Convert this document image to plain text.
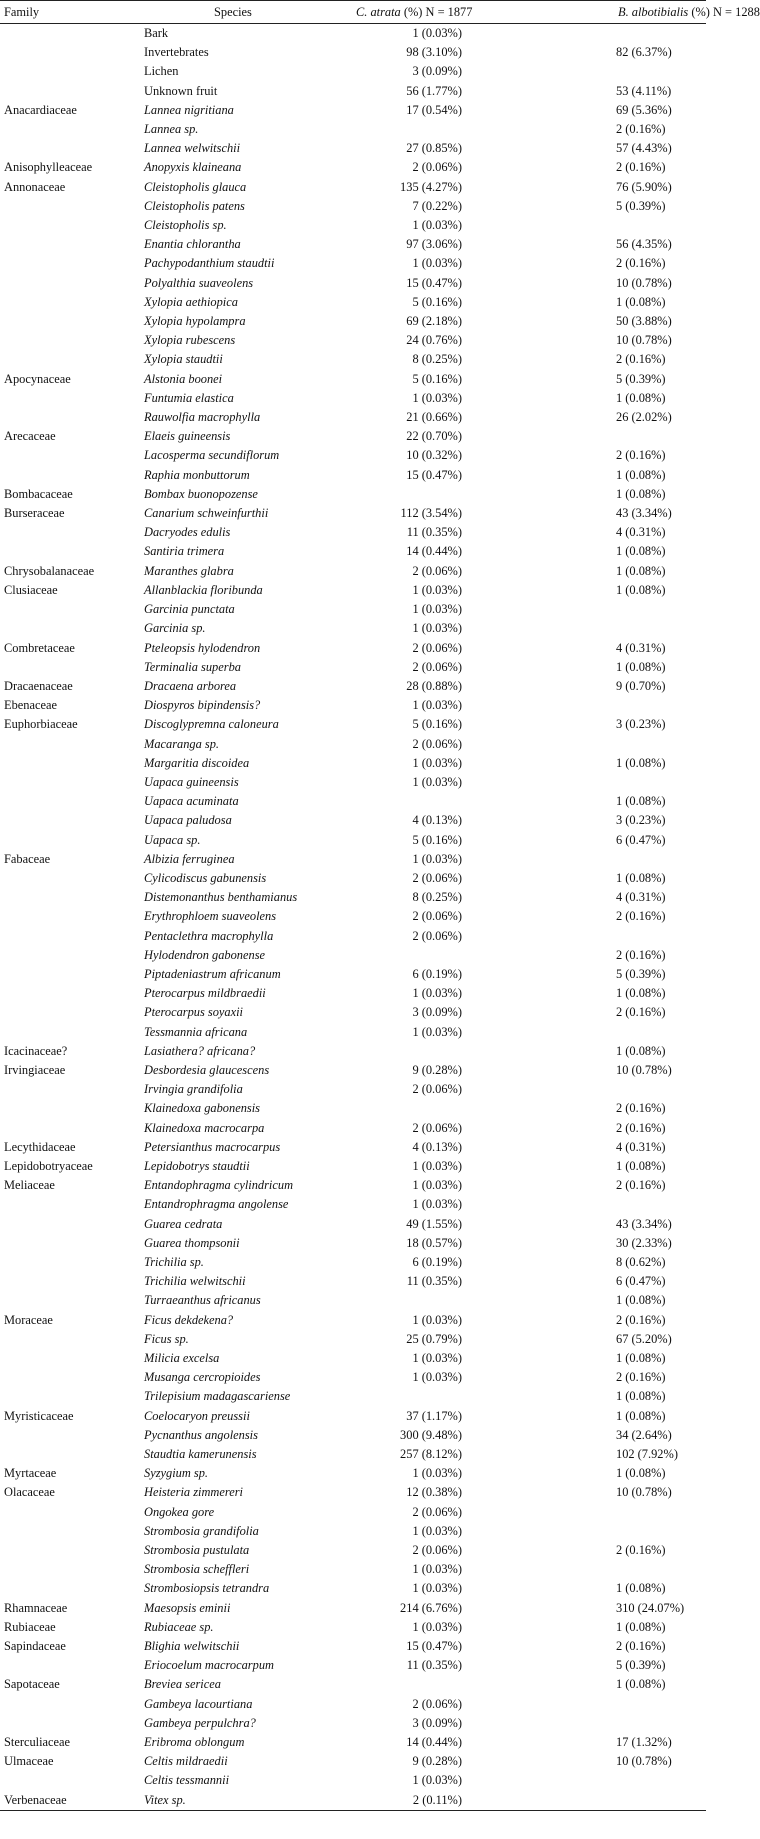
Family	Species	C. atrata (%) N = 1877	B. albotibialis (%) N = 1288
	Bark	1 (0.03%)	
	Invertebrates	98 (3.10%)	82 (6.37%)
	Lichen	3 (0.09%)	
	Unknown fruit	56 (1.77%)	53 (4.11%)
Anacardiaceae	Lannea nigritiana	17 (0.54%)	69 (5.36%)
	Lannea sp.		2 (0.16%)
	Lannea welwitschii	27 (0.85%)	57 (4.43%)
Anisophylleaceae	Anopyxis klaineana	2 (0.06%)	2 (0.16%)
Annonaceae	Cleistopholis glauca	135 (4.27%)	76 (5.90%)
	Cleistopholis patens	7 (0.22%)	5 (0.39%)
	Cleistopholis sp.	1 (0.03%)	
	Enantia chlorantha	97 (3.06%)	56 (4.35%)
	Pachypodanthium staudtii	1 (0.03%)	2 (0.16%)
	Polyalthia suaveolens	15 (0.47%)	10 (0.78%)
	Xylopia aethiopica	5 (0.16%)	1 (0.08%)
	Xylopia hypolampra	69 (2.18%)	50 (3.88%)
	Xylopia rubescens	24 (0.76%)	10 (0.78%)
	Xylopia staudtii	8 (0.25%)	2 (0.16%)
Apocynaceae	Alstonia boonei	5 (0.16%)	5 (0.39%)
	Funtumia elastica	1 (0.03%)	1 (0.08%)
	Rauwolfia macrophylla	21 (0.66%)	26 (2.02%)
Arecaceae	Elaeis guineensis	22 (0.70%)	
	Lacosperma secundiflorum	10 (0.32%)	2 (0.16%)
	Raphia monbuttorum	15 (0.47%)	1 (0.08%)
Bombacaceae	Bombax buonopozense		1 (0.08%)
Burseraceae	Canarium schweinfurthii	112 (3.54%)	43 (3.34%)
	Dacryodes edulis	11 (0.35%)	4 (0.31%)
	Santiria trimera	14 (0.44%)	1 (0.08%)
Chrysobalanaceae	Maranthes glabra	2 (0.06%)	1 (0.08%)
Clusiaceae	Allanblackia floribunda	1 (0.03%)	1 (0.08%)
	Garcinia punctata	1 (0.03%)	
	Garcinia sp.	1 (0.03%)	
Combretaceae	Pteleopsis hylodendron	2 (0.06%)	4 (0.31%)
	Terminalia superba	2 (0.06%)	1 (0.08%)
Dracaenaceae	Dracaena arborea	28 (0.88%)	9 (0.70%)
Ebenaceae	Diospyros bipindensis?	1 (0.03%)	
Euphorbiaceae	Discoglypremna caloneura	5 (0.16%)	3 (0.23%)
	Macaranga sp.	2 (0.06%)	
	Margaritia discoidea	1 (0.03%)	1 (0.08%)
	Uapaca guineensis	1 (0.03%)	
	Uapaca acuminata		1 (0.08%)
	Uapaca paludosa	4 (0.13%)	3 (0.23%)
	Uapaca sp.	5 (0.16%)	6 (0.47%)
Fabaceae	Albizia ferruginea	1 (0.03%)	
	Cylicodiscus gabunensis	2 (0.06%)	1 (0.08%)
	Distemonanthus benthamianus	8 (0.25%)	4 (0.31%)
	Erythrophloem suaveolens	2 (0.06%)	2 (0.16%)
	Pentaclethra macrophylla	2 (0.06%)	
	Hylodendron gabonense		2 (0.16%)
	Piptadeniastrum africanum	6 (0.19%)	5 (0.39%)
	Pterocarpus mildbraedii	1 (0.03%)	1 (0.08%)
	Pterocarpus soyaxii	3 (0.09%)	2 (0.16%)
	Tessmannia africana	1 (0.03%)	
Icacinaceae?	Lasiathera? africana?		1 (0.08%)
Irvingiaceae	Desbordesia glaucescens	9 (0.28%)	10 (0.78%)
	Irvingia grandifolia	2 (0.06%)	
	Klainedoxa gabonensis		2 (0.16%)
	Klainedoxa macrocarpa	2 (0.06%)	2 (0.16%)
Lecythidaceae	Petersianthus macrocarpus	4 (0.13%)	4 (0.31%)
Lepidobotryaceae	Lepidobotrys staudtii	1 (0.03%)	1 (0.08%)
Meliaceae	Entandophragma cylindricum	1 (0.03%)	2 (0.16%)
	Entandrophragma angolense	1 (0.03%)	
	Guarea cedrata	49 (1.55%)	43 (3.34%)
	Guarea thompsonii	18 (0.57%)	30 (2.33%)
	Trichilia sp.	6 (0.19%)	8 (0.62%)
	Trichilia welwitschii	11 (0.35%)	6 (0.47%)
	Turraeanthus africanus		1 (0.08%)
Moraceae	Ficus dekdekena?	1 (0.03%)	2 (0.16%)
	Ficus sp.	25 (0.79%)	67 (5.20%)
	Milicia excelsa	1 (0.03%)	1 (0.08%)
	Musanga cercropioides	1 (0.03%)	2 (0.16%)
	Trilepisium madagascariense		1 (0.08%)
Myristicaceae	Coelocaryon preussii	37 (1.17%)	1 (0.08%)
	Pycnanthus angolensis	300 (9.48%)	34 (2.64%)
	Staudtia kamerunensis	257 (8.12%)	102 (7.92%)
Myrtaceae	Syzygium sp.	1 (0.03%)	1 (0.08%)
Olacaceae	Heisteria zimmereri	12 (0.38%)	10 (0.78%)
	Ongokea gore	2 (0.06%)	
	Strombosia grandifolia	1 (0.03%)	
	Strombosia pustulata	2 (0.06%)	2 (0.16%)
	Strombosia scheffleri	1 (0.03%)	
	Strombosiopsis tetrandra	1 (0.03%)	1 (0.08%)
Rhamnaceae	Maesopsis eminii	214 (6.76%)	310 (24.07%)
Rubiaceae	Rubiaceae sp.	1 (0.03%)	1 (0.08%)
Sapindaceae	Blighia welwitschii	15 (0.47%)	2 (0.16%)
	Eriocoelum macrocarpum	11 (0.35%)	5 (0.39%)
Sapotaceae	Breviea sericea		1 (0.08%)
	Gambeya lacourtiana	2 (0.06%)	
	Gambeya perpulchra?	3 (0.09%)	
Sterculiaceae	Eribroma oblongum	14 (0.44%)	17 (1.32%)
Ulmaceae	Celtis mildraedii	9 (0.28%)	10 (0.78%)
	Celtis tessmannii	1 (0.03%)	
Verbenaceae	Vitex sp.	2 (0.11%)	
